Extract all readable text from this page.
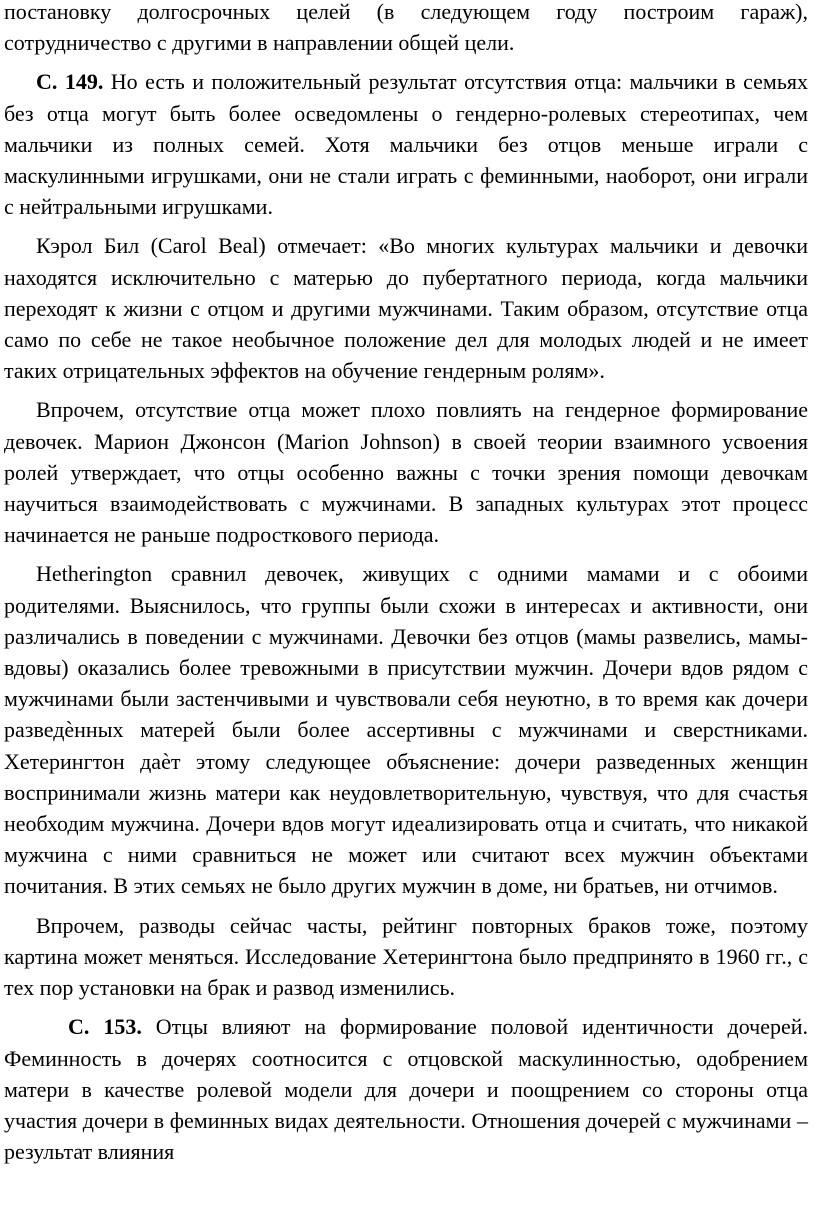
постановку долгосрочных целей (в следующем году построим гараж), сотрудничество с другими в направлении общей цели.

С. 149. Но есть и положительный результат отсутствия отца: мальчики в семьях без отца могут быть более осведомлены о гендерно-ролевых стереотипах, чем мальчики из полных семей. Хотя мальчики без отцов меньше играли с маскулинными игрушками, они не стали играть с феминными, наоборот, они играли с нейтральными игрушками.

Кэрол Бил (Carol Beal) отмечает: «Во многих культурах мальчики и девочки находятся исключительно с матерью до пубертатного периода, когда мальчики переходят к жизни с отцом и другими мужчинами. Таким образом, отсутствие отца само по себе не такое необычное положение дел для молодых людей и не имеет таких отрицательных эффектов на обучение гендерным ролям».

Впрочем, отсутствие отца может плохо повлиять на гендерное формирование девочек. Марион Джонсон (Marion Johnson) в своей теории взаимного усвоения ролей утверждает, что отцы особенно важны с точки зрения помощи девочкам научиться взаимодействовать с мужчинами. В западных культурах этот процесс начинается не раньше подросткового периода.

Hetherington сравнил девочек, живущих с одними мамами и с обоими родителями. Выяснилось, что группы были схожи в интересах и активности, они различались в поведении с мужчинами. Девочки без отцов (мамы развелись, мамы-вдовы) оказались более тревожными в присутствии мужчин. Дочери вдов рядом с мужчинами были застенчивыми и чувствовали себя неуютно, в то время как дочери разведѐнных матерей были более ассертивны с мужчинами и сверстниками. Хетерингтон даѐт этому следующее объяснение: дочери разведенных женщин воспринимали жизнь матери как неудовлетворительную, чувствуя, что для счастья необходим мужчина. Дочери вдов могут идеализировать отца и считать, что никакой мужчина с ними сравниться не может или считают всех мужчин объектами почитания. В этих семьях не было других мужчин в доме, ни братьев, ни отчимов.

Впрочем, разводы сейчас часты, рейтинг повторных браков тоже, поэтому картина может меняться. Исследование Хетерингтона было предпринято в 1960 гг., с тех пор установки на брак и развод изменились.

С. 153. Отцы влияют на формирование половой идентичности дочерей. Феминность в дочерях соотносится с отцовской маскулинностью, одобрением матери в качестве ролевой модели для дочери и поощрением со стороны отца участия дочери в феминных видах деятельности. Отношения дочерей с мужчинами – результат влияния
